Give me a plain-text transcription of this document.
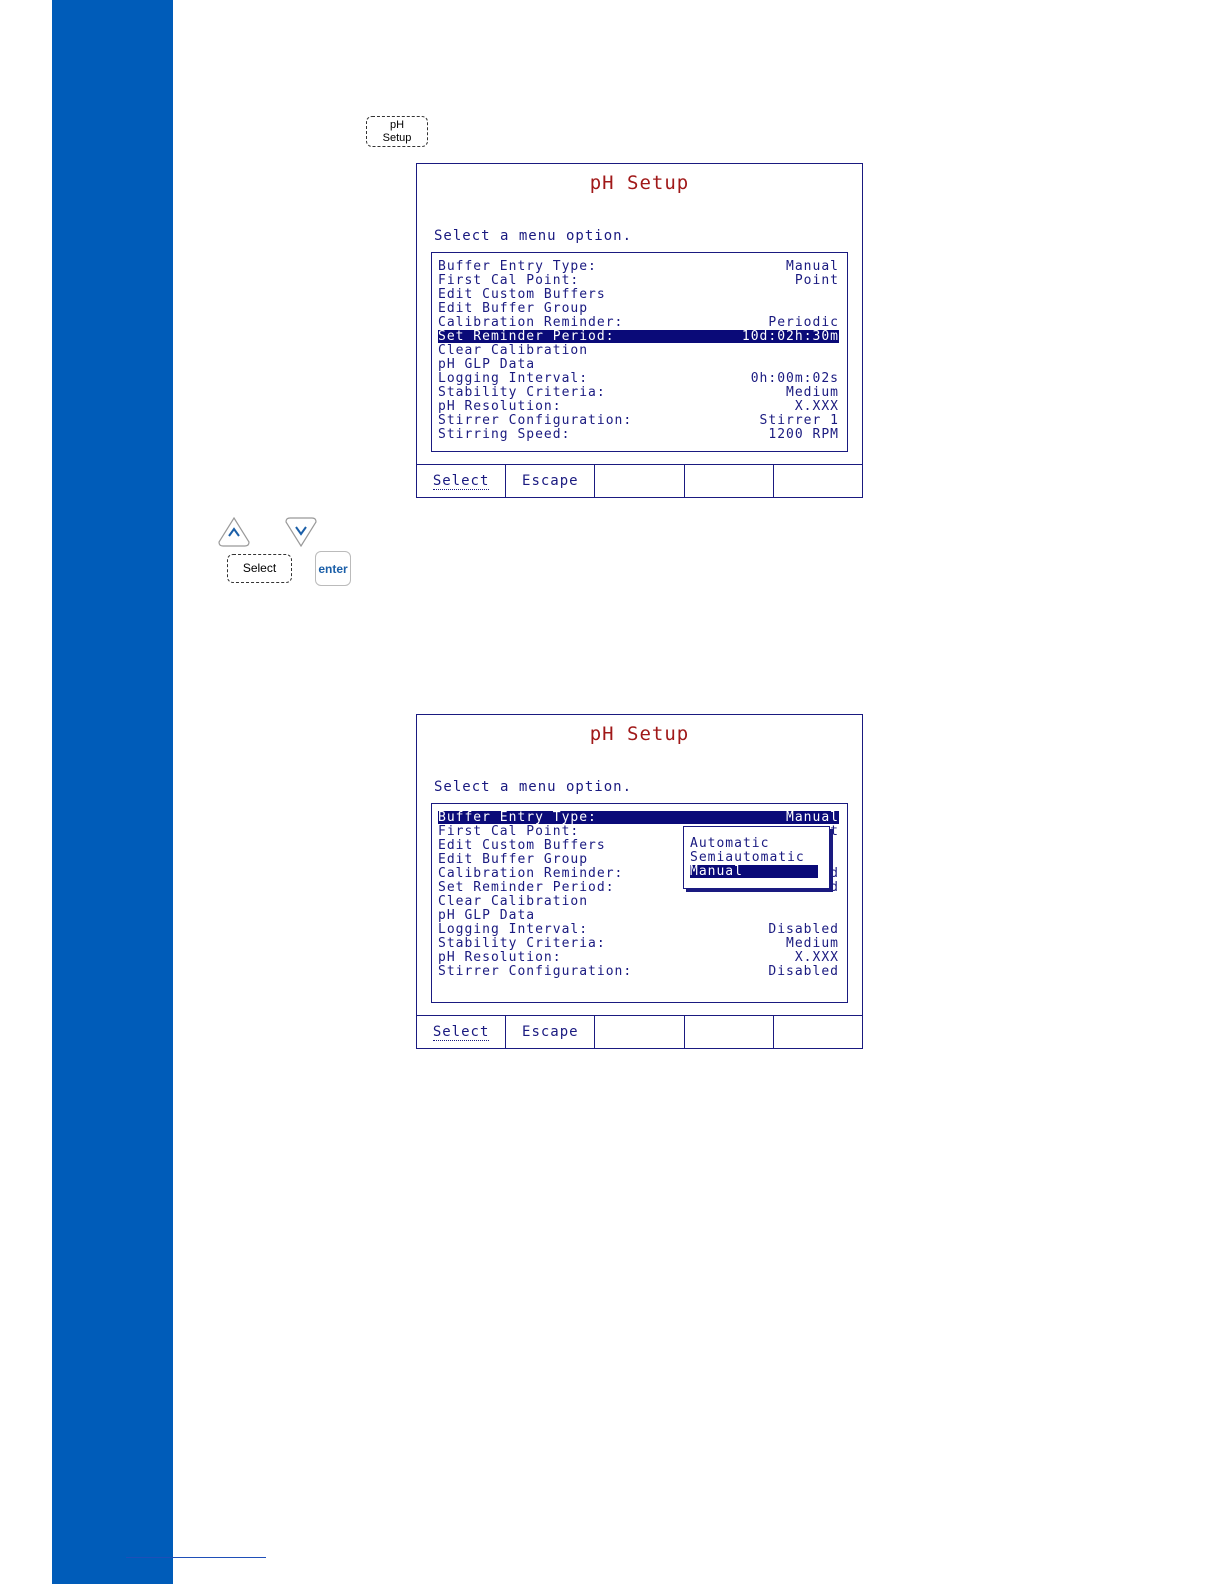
pH
Setup
pH Setup
Select a menu option.
Buffer Entry Type:	Manual
First Cal Point:	Point
Edit Custom Buffers
Edit Buffer Group
Calibration Reminder:	Periodic
Set Reminder Period:	10d:02h:30m
Clear Calibration
pH GLP Data
Logging Interval:	0h:00m:02s
Stability Criteria:	Medium
pH Resolution:	X.XXX
Stirrer Configuration:	Stirrer 1
Stirring Speed:	1200 RPM
Select Escape
Select	enter
pH Setup
Select a menu option.
Buffer Entry Type:	Manual
First Cal Point:	t
Edit Custom Buffers
Edit Buffer Group
Calibration Reminder:	d
Set Reminder Period:	d
Clear Calibration
pH GLP Data
Logging Interval:	Disabled
Stability Criteria:	Medium
pH Resolution:	X.XXX
Stirrer Configuration:	Disabled
Automatic
Semiautomatic
Manual
Select Escape
